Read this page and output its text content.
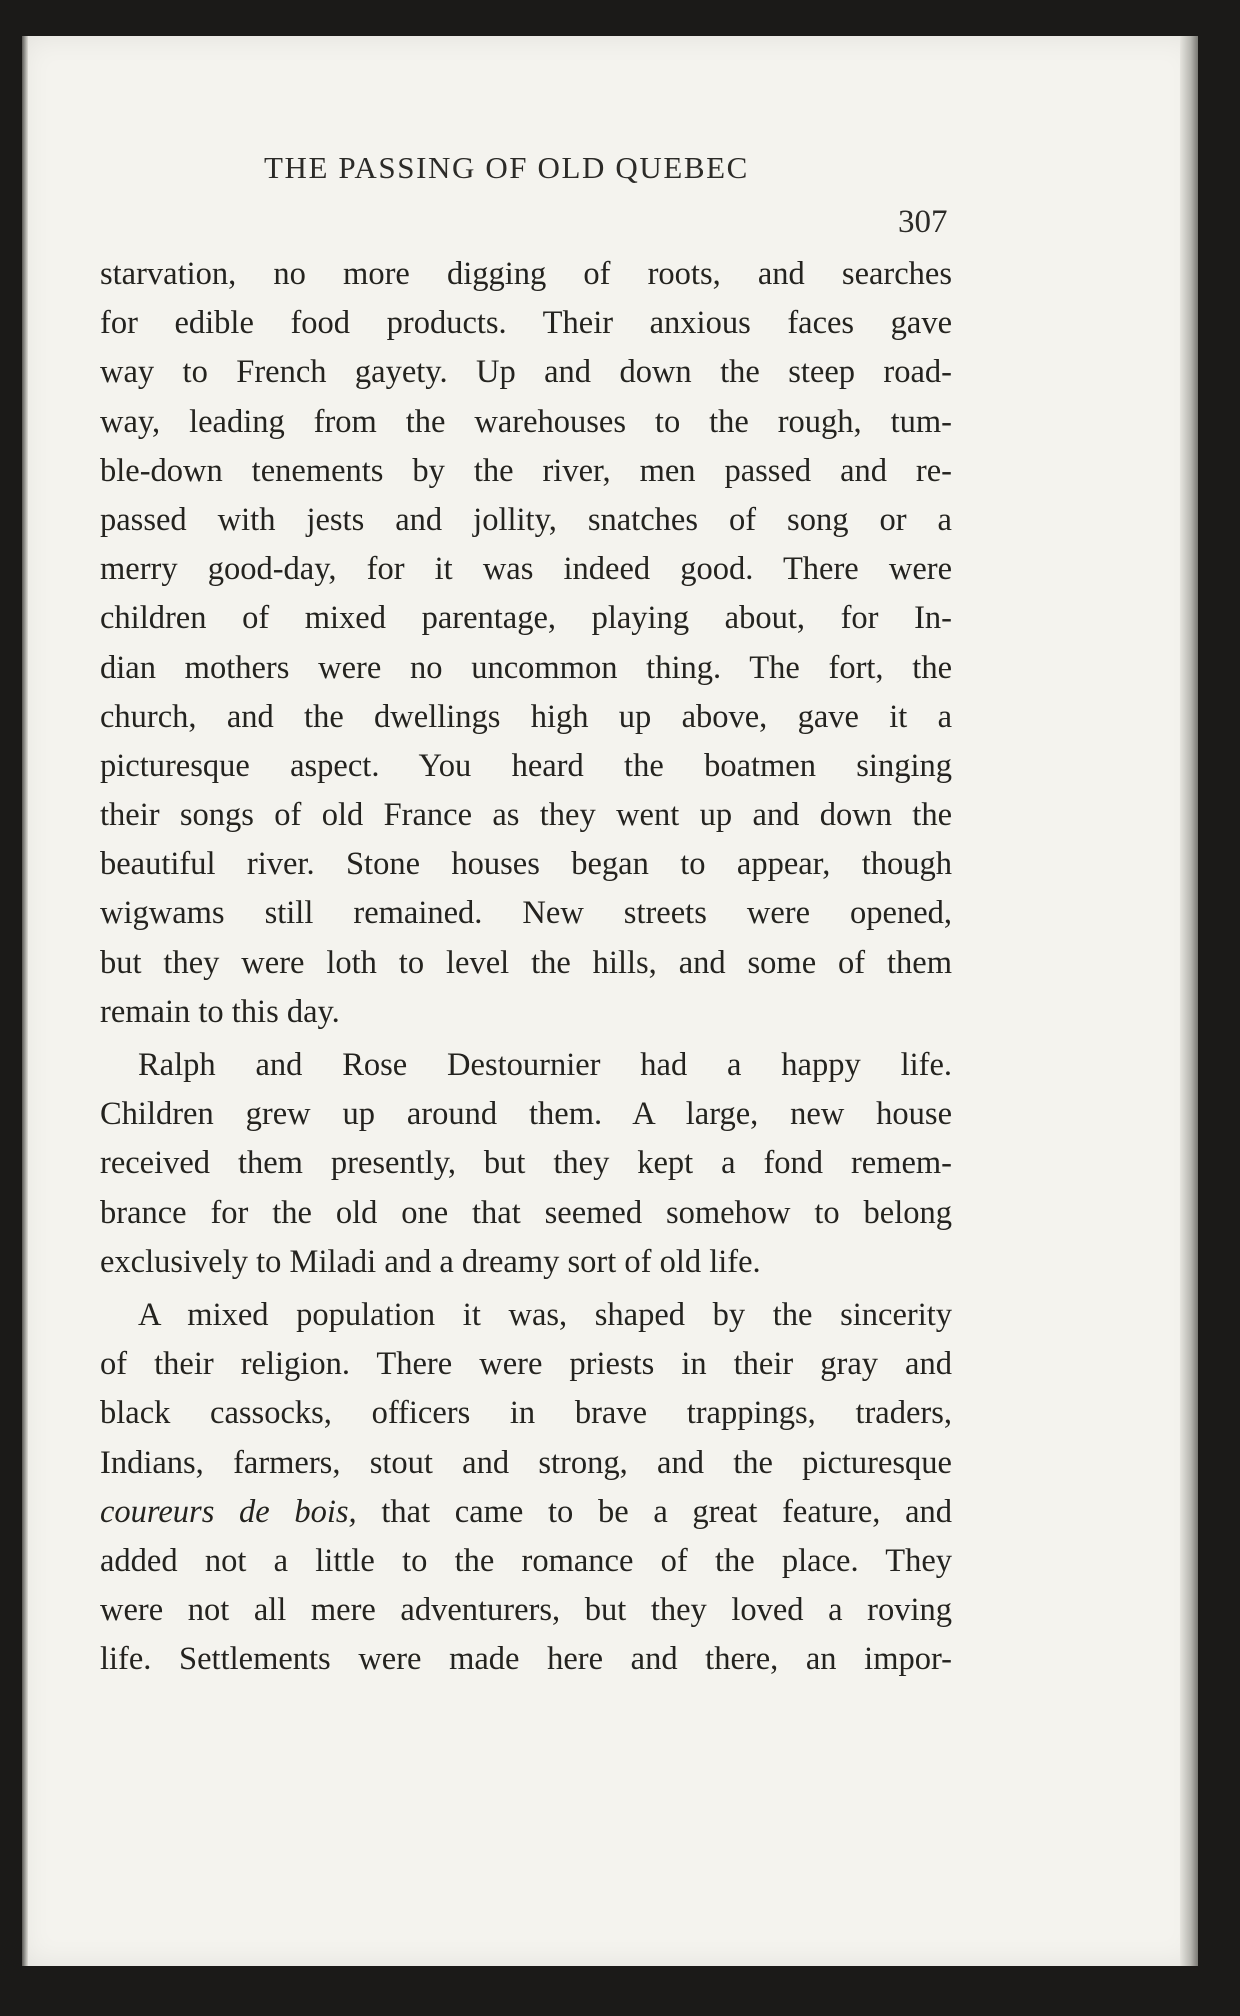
THE PASSING OF OLD QUEBEC
307

starvation, no more digging of roots, and searches
for edible food products. Their anxious faces gave
way to French gayety. Up and down the steep road-
way, leading from the warehouses to the rough, tum-
ble-down tenements by the river, men passed and re-
passed with jests and jollity, snatches of song or a
merry good-day, for it was indeed good. There were
children of mixed parentage, playing about, for In-
dian mothers were no uncommon thing. The fort, the
church, and the dwellings high up above, gave it a
picturesque aspect. You heard the boatmen singing
their songs of old France as they went up and down the
beautiful river. Stone houses began to appear, though
wigwams still remained. New streets were opened,
but they were loth to level the hills, and some of them
remain to this day.

Ralph and Rose Destournier had a happy life.
Children grew up around them. A large, new house
received them presently, but they kept a fond remem-
brance for the old one that seemed somehow to belong
exclusively to Miladi and a dreamy sort of old life.

A mixed population it was, shaped by the sincerity
of their religion. There were priests in their gray and
black cassocks, officers in brave trappings, traders,
Indians, farmers, stout and strong, and the picturesque
coureurs de bois, that came to be a great feature, and
added not a little to the romance of the place. They
were not all mere adventurers, but they loved a roving
life. Settlements were made here and there, an impor-
